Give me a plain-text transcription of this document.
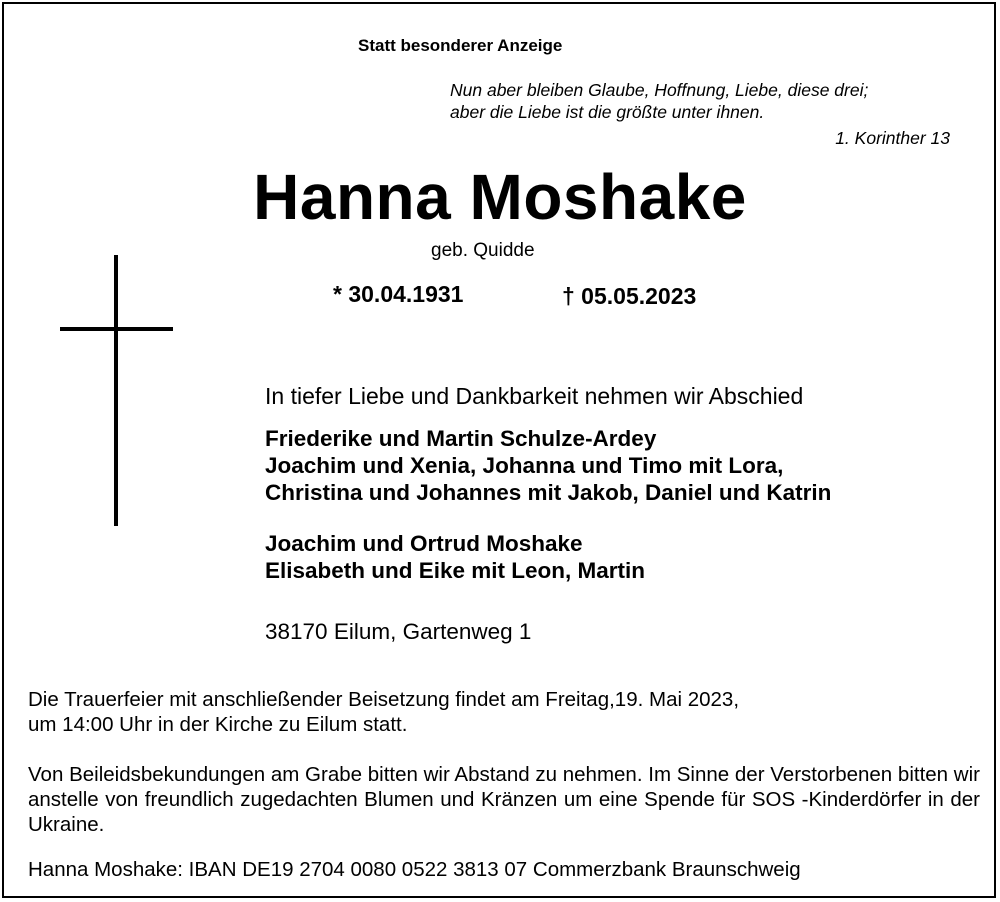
Statt besonderer Anzeige
Nun aber bleiben Glaube, Hoffnung, Liebe, diese drei;
aber die Liebe ist die größte unter ihnen.
1. Korinther 13
Hanna Moshake
geb. Quidde
* 30.04.1931	† 05.05.2023
In tiefer Liebe und Dankbarkeit nehmen wir Abschied
Friederike und Martin Schulze-Ardey
Joachim und Xenia, Johanna und Timo mit Lora,
Christina und Johannes mit Jakob, Daniel und Katrin
Joachim und Ortrud Moshake
Elisabeth und Eike mit Leon, Martin
38170 Eilum, Gartenweg 1
Die Trauerfeier mit anschließender Beisetzung findet am Freitag,19. Mai 2023,
um 14:00 Uhr in der Kirche zu Eilum statt.
Von Beileidsbekundungen am Grabe bitten wir Abstand zu nehmen. Im Sinne der Verstorbenen bitten wir anstelle von freundlich zugedachten Blumen und Kränzen um eine Spende für SOS -Kinderdörfer in der Ukraine.
Hanna Moshake: IBAN DE19 2704 0080 0522 3813 07 Commerzbank Braunschweig
